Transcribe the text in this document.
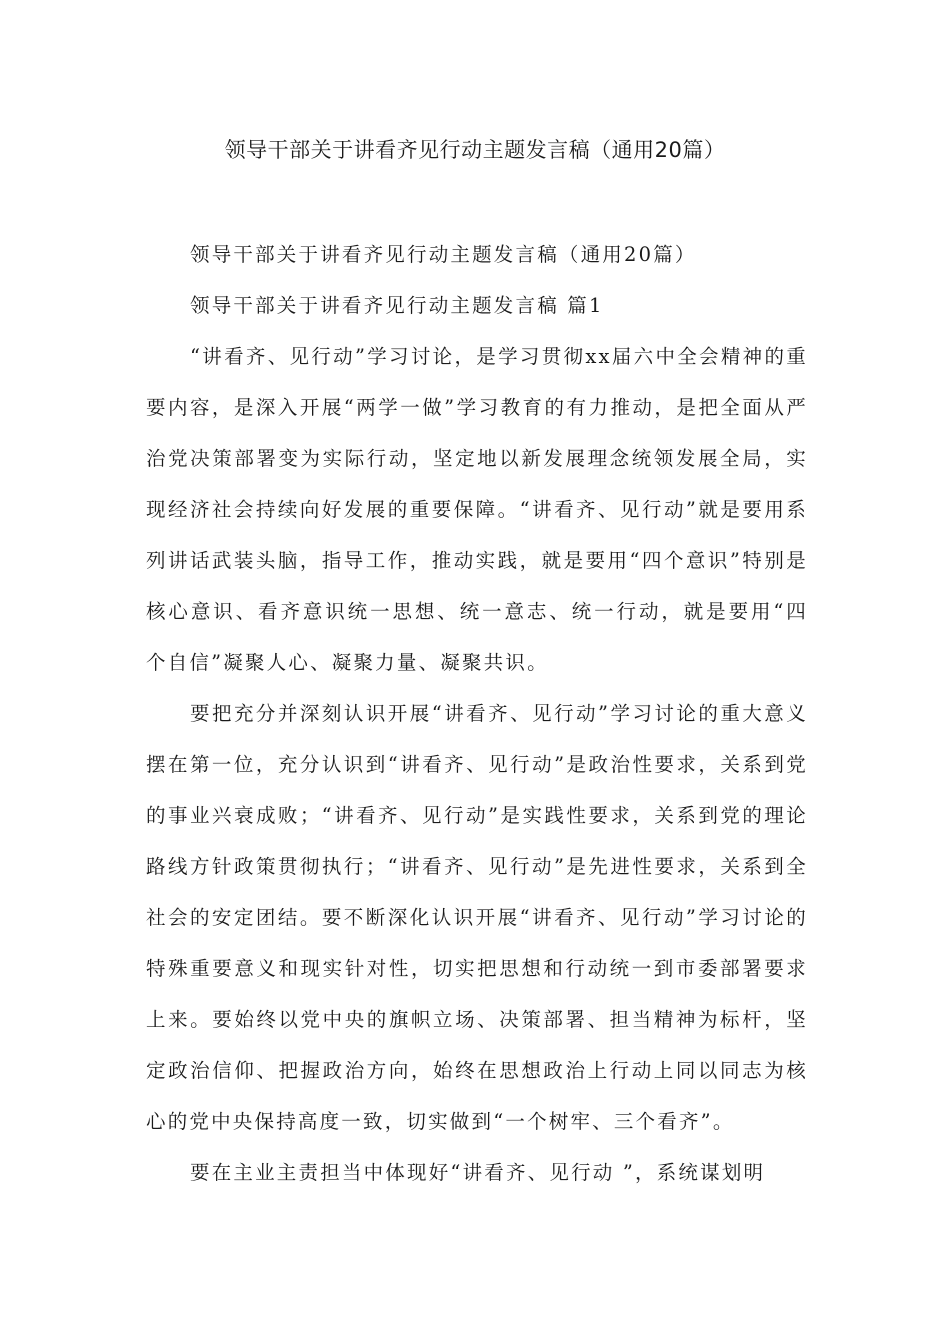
领导干部关于讲看齐见行动主题发言稿（通用20篇）

领导干部关于讲看齐见行动主题发言稿（通用20篇）

领导干部关于讲看齐见行动主题发言稿 篇1

“讲看齐、见行动”学习讨论，是学习贯彻xx届六中全会精神的重要内容，是深入开展“两学一做”学习教育的有力推动，是把全面从严治党决策部署变为实际行动，坚定地以新发展理念统领发展全局，实现经济社会持续向好发展的重要保障。“讲看齐、见行动”就是要用系列讲话武装头脑，指导工作，推动实践，就是要用“四个意识”特别是核心意识、看齐意识统一思想、统一意志、统一行动，就是要用“四个自信”凝聚人心、凝聚力量、凝聚共识。

要把充分并深刻认识开展“讲看齐、见行动”学习讨论的重大意义摆在第一位，充分认识到“讲看齐、见行动”是政治性要求，关系到党的事业兴衰成败；“讲看齐、见行动”是实践性要求，关系到党的理论路线方针政策贯彻执行；“讲看齐、见行动”是先进性要求，关系到全社会的安定团结。要不断深化认识开展“讲看齐、见行动”学习讨论的特殊重要意义和现实针对性，切实把思想和行动统一到市委部署要求上来。要始终以党中央的旗帜立场、决策部署、担当精神为标杆，坚定政治信仰、把握政治方向，始终在思想政治上行动上同以同志为核心的党中央保持高度一致，切实做到“一个树牢、三个看齐”。

要在主业主责担当中体现好“讲看齐、见行动 ”，系统谋划明
